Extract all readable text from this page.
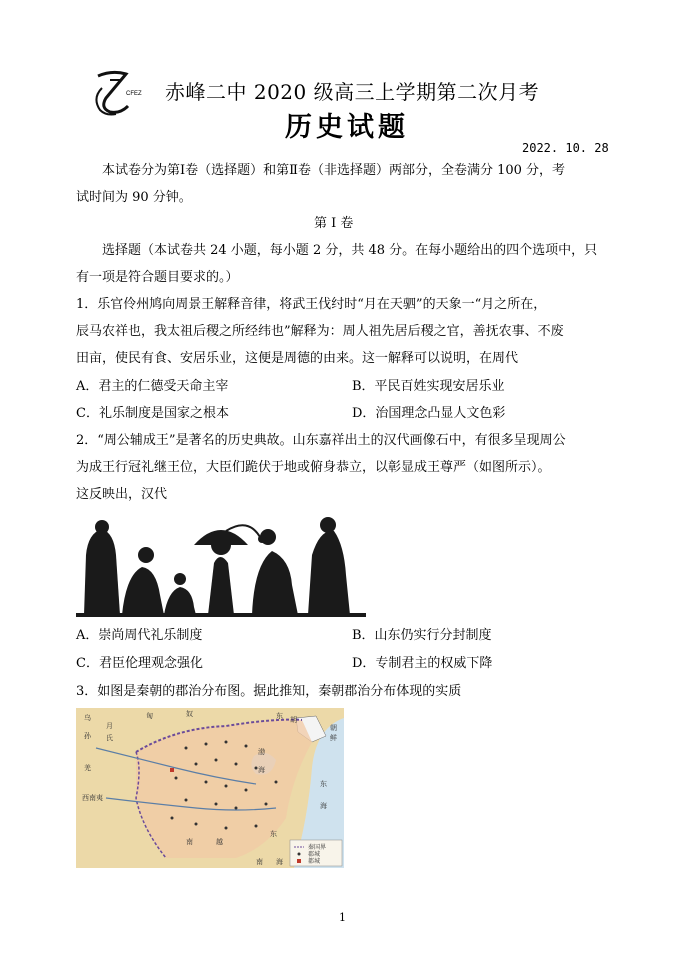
CFEZ 赤峰二中 2020 级高三上学期第二次月考
历史试题
2022. 10. 28
本试卷分为第Ⅰ卷（选择题）和第Ⅱ卷（非选择题）两部分，全卷满分 100 分，考
试时间为 90 分钟。
第 Ⅰ 卷
选择题（本试卷共 24 小题，每小题 2 分，共 48 分。在每小题给出的四个选项中，只
有一项是符合题目要求的。）
1．乐官伶州鸠向周景王解释音律，将武王伐纣时“月在天驷”的天象一“月之所在，
辰马农祥也，我太祖后稷之所经纬也”解释为：周人祖先居后稷之官，善抚农事、不废
田亩，使民有食、安居乐业，这便是周德的由来。这一解释可以说明，在周代
A．君主的仁德受天命主宰	B．平民百姓实现安居乐业
C．礼乐制度是国家之根本	D．治国理念凸显人文色彩
2．“周公辅成王”是著名的历史典故。山东嘉祥出土的汉代画像石中，有很多呈现周公
为成王行冠礼继王位，大臣们跪伏于地或俯身恭立，以彰显成王尊严（如图所示）。
这反映出，汉代
A．崇尚周代礼乐制度	B．山东仍实行分封制度
C．君臣伦理观念强化	D．专制君主的权威下降
3．如图是秦朝的郡治分布图。据此推知，秦朝郡治分布体现的实质
匈	奴	东
胡
乌
孙
月
氏
羌
西南夷
东
海
渤
海
东
南	越
南 海
朝
鲜
秦国界
郡城
都城
1
